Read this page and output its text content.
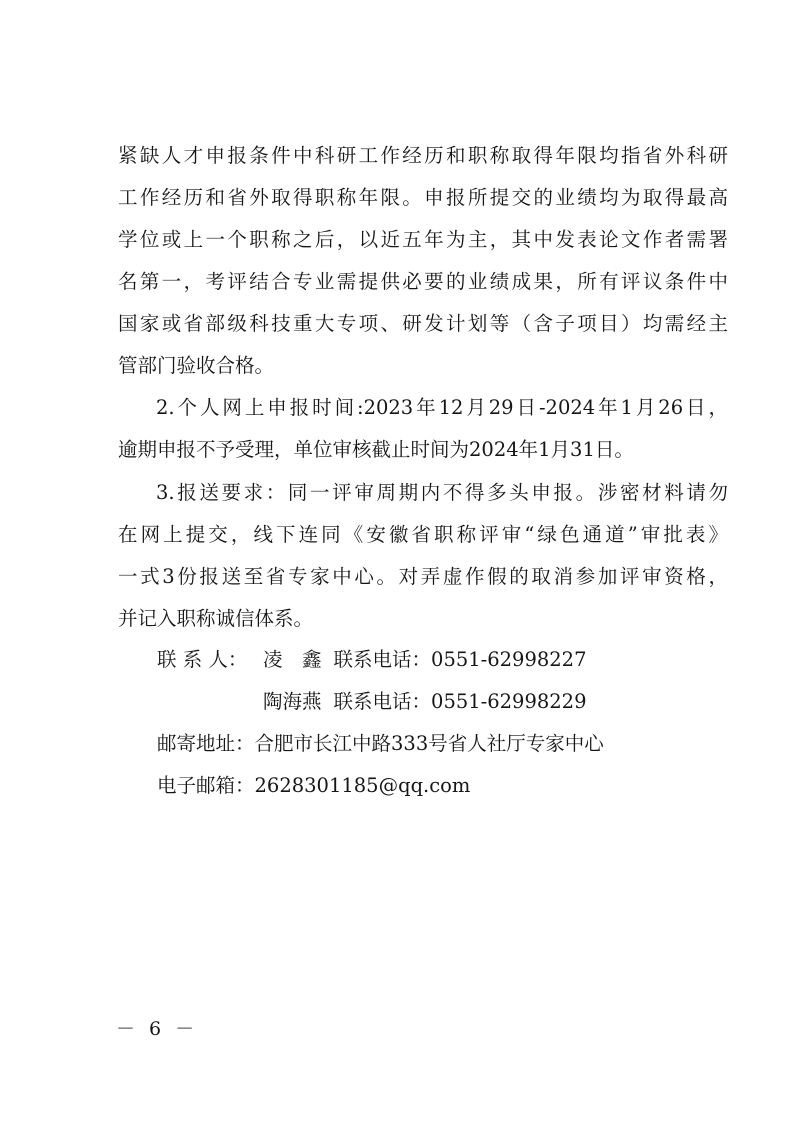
紧缺人才申报条件中科研工作经历和职称取得年限均指省外科研
工作经历和省外取得职称年限。申报所提交的业绩均为取得最高
学位或上一个职称之后，以近五年为主，其中发表论文作者需署
名第一，考评结合专业需提供必要的业绩成果，所有评议条件中
国家或省部级科技重大专项、研发计划等（含子项目）均需经主
管部门验收合格。
2.个人网上申报时间:2023年12月29日-2024年1月26日，
逾期申报不予受理，单位审核截止时间为2024年1月31日。
3.报送要求：同一评审周期内不得多头申报。涉密材料请勿
在网上提交，线下连同《安徽省职称评审“绿色通道”审批表》
一式3份报送至省专家中心。对弄虚作假的取消参加评审资格，
并记入职称诚信体系。
联 系 人： 凌　鑫 联系电话：0551-62998227
陶海燕 联系电话：0551-62998229
邮寄地址：合肥市长江中路333号省人社厅专家中心
电子邮箱：2628301185@qq.com
－ 6 －
